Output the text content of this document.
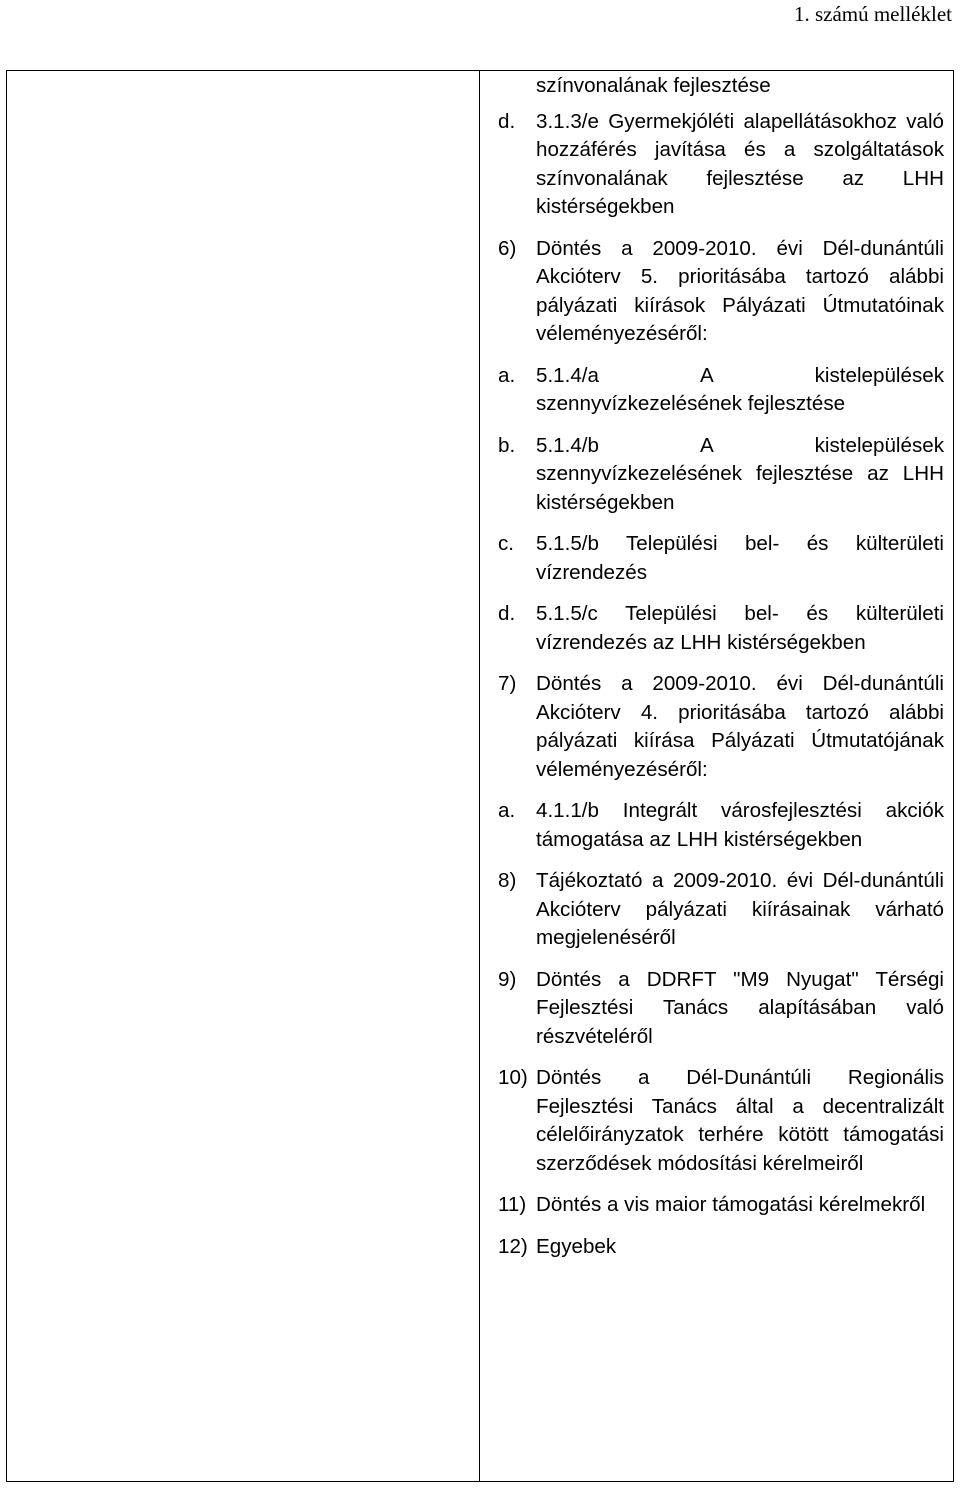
1. számú melléklet
színvonalának fejlesztése
d.	3.1.3/e Gyermekjóléti alapellátásokhoz való hozzáférés javítása és a szolgáltatások színvonalának fejlesztése az LHH kistérségekben
6) Döntés a 2009-2010. évi Dél-dunántúli Akcióterv 5. prioritásába tartozó alábbi pályázati kiírások Pályázati Útmutatóinak véleményezéséről:
a.	5.1.4/a A kistelepülések szennyvízkezelésének fejlesztése
b.	5.1.4/b A kistelepülések szennyvízkezelésének fejlesztése az LHH kistérségekben
c.	5.1.5/b Települési bel- és külterületi vízrendezés
d.	5.1.5/c Települési bel- és külterületi vízrendezés az LHH kistérségekben
7) Döntés a 2009-2010. évi Dél-dunántúli Akcióterv 4. prioritásába tartozó alábbi pályázati kiírása Pályázati Útmutatójának véleményezéséről:
a.	4.1.1/b Integrált városfejlesztési akciók támogatása az LHH kistérségekben
8) Tájékoztató a 2009-2010. évi Dél-dunántúli Akcióterv pályázati kiírásainak várható megjelenéséről
9) Döntés a DDRFT "M9 Nyugat" Térségi Fejlesztési Tanács alapításában való részvételéről
10) Döntés a Dél-Dunántúli Regionális Fejlesztési Tanács által a decentralizált célelőirányzatok terhére kötött támogatási szerződések módosítási kérelmeiről
11) Döntés a vis maior támogatási kérelmekről
12) Egyebek
